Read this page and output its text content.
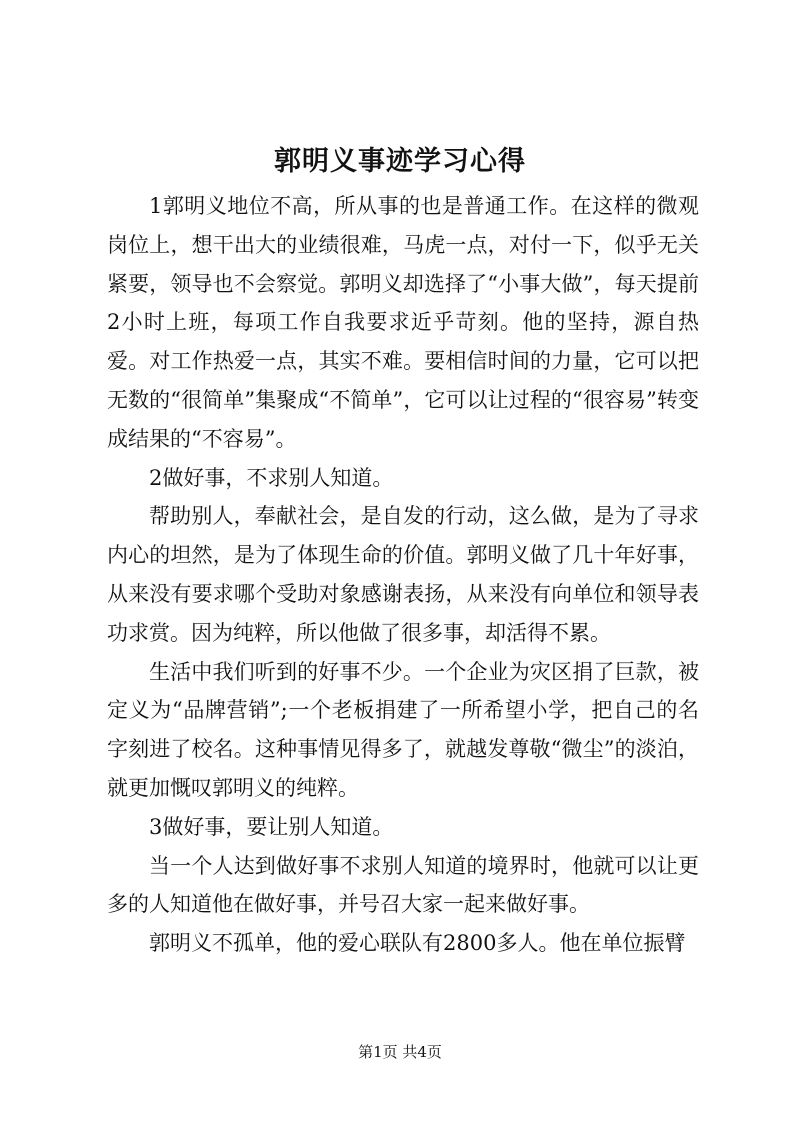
郭明义事迹学习心得

1郭明义地位不高，所从事的也是普通工作。在这样的微观岗位上，想干出大的业绩很难，马虎一点，对付一下，似乎无关紧要，领导也不会察觉。郭明义却选择了“小事大做”，每天提前2小时上班，每项工作自我要求近乎苛刻。他的坚持，源自热爱。对工作热爱一点，其实不难。要相信时间的力量，它可以把无数的“很简单”集聚成“不简单”，它可以让过程的“很容易”转变成结果的“不容易”。

2做好事，不求别人知道。

帮助别人，奉献社会，是自发的行动，这么做，是为了寻求内心的坦然，是为了体现生命的价值。郭明义做了几十年好事，从来没有要求哪个受助对象感谢表扬，从来没有向单位和领导表功求赏。因为纯粹，所以他做了很多事，却活得不累。

生活中我们听到的好事不少。一个企业为灾区捐了巨款，被定义为“品牌营销”;一个老板捐建了一所希望小学，把自己的名字刻进了校名。这种事情见得多了，就越发尊敬“微尘”的淡泊，就更加慨叹郭明义的纯粹。

3做好事，要让别人知道。

当一个人达到做好事不求别人知道的境界时，他就可以让更多的人知道他在做好事，并号召大家一起来做好事。

郭明义不孤单，他的爱心联队有2800多人。他在单位振臂

第1页 共4页
